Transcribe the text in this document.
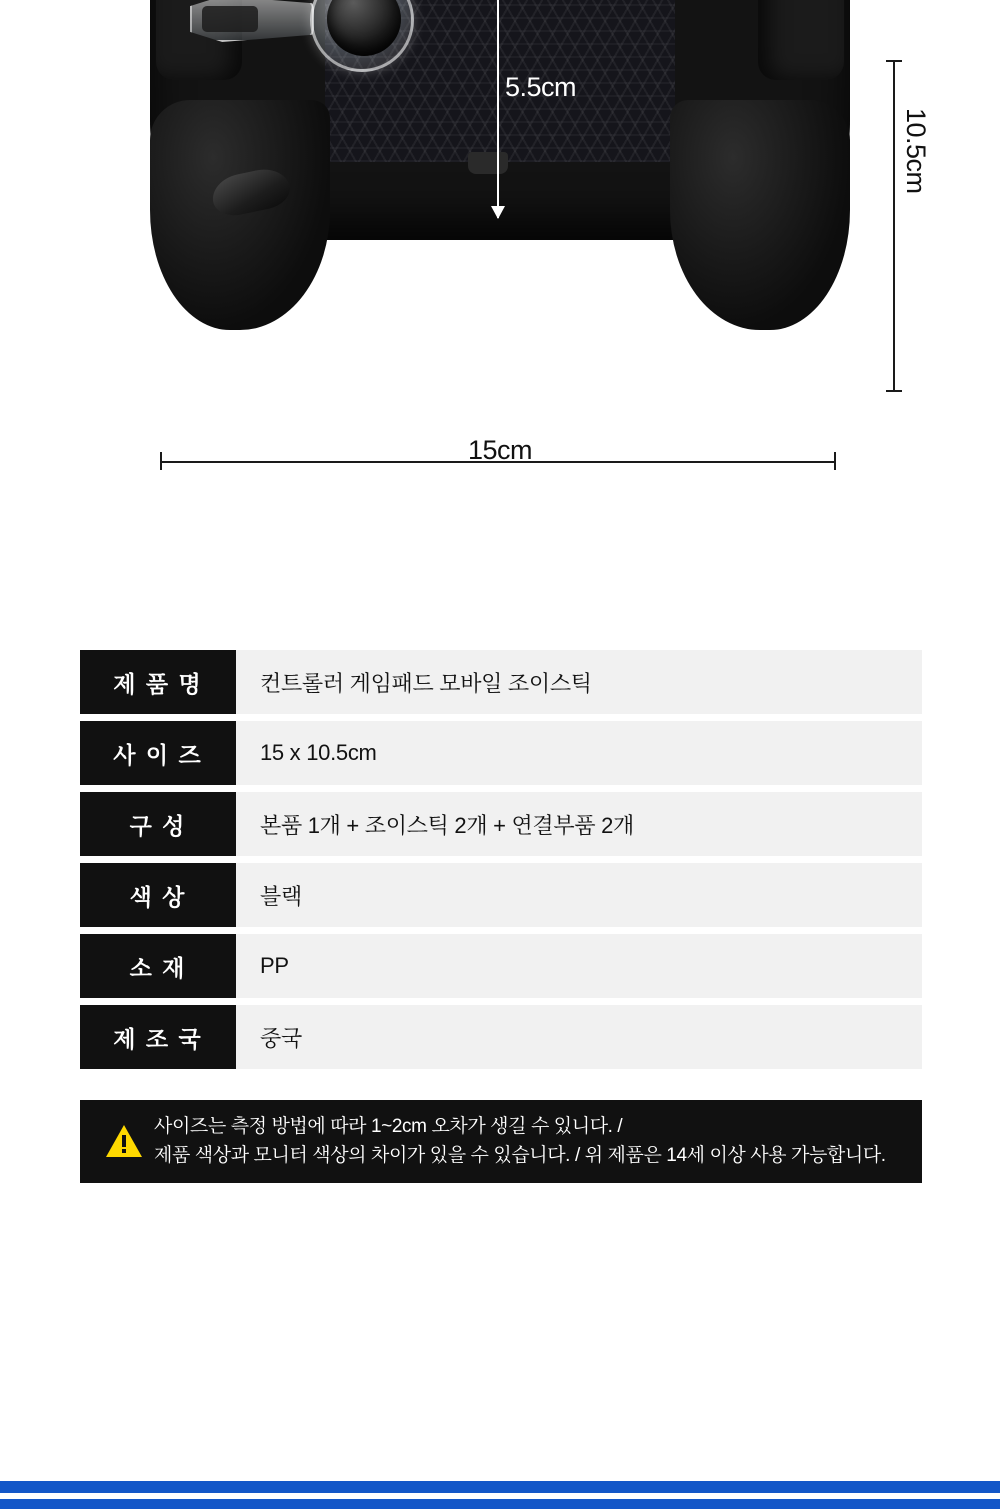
5.5cm
10.5cm
15cm
제 품 명	컨트롤러 게임패드 모바일 조이스틱
사 이 즈	15 x 10.5cm
구 성	본품 1개 + 조이스틱 2개 + 연결부품 2개
색 상	블랙
소 재	PP
제 조 국	중국
사이즈는 측정 방법에 따라 1~2cm 오차가 생길 수 있니다. /
제품 색상과 모니터 색상의 차이가 있을 수 있습니다. / 위 제품은 14세 이상 사용 가능합니다.
